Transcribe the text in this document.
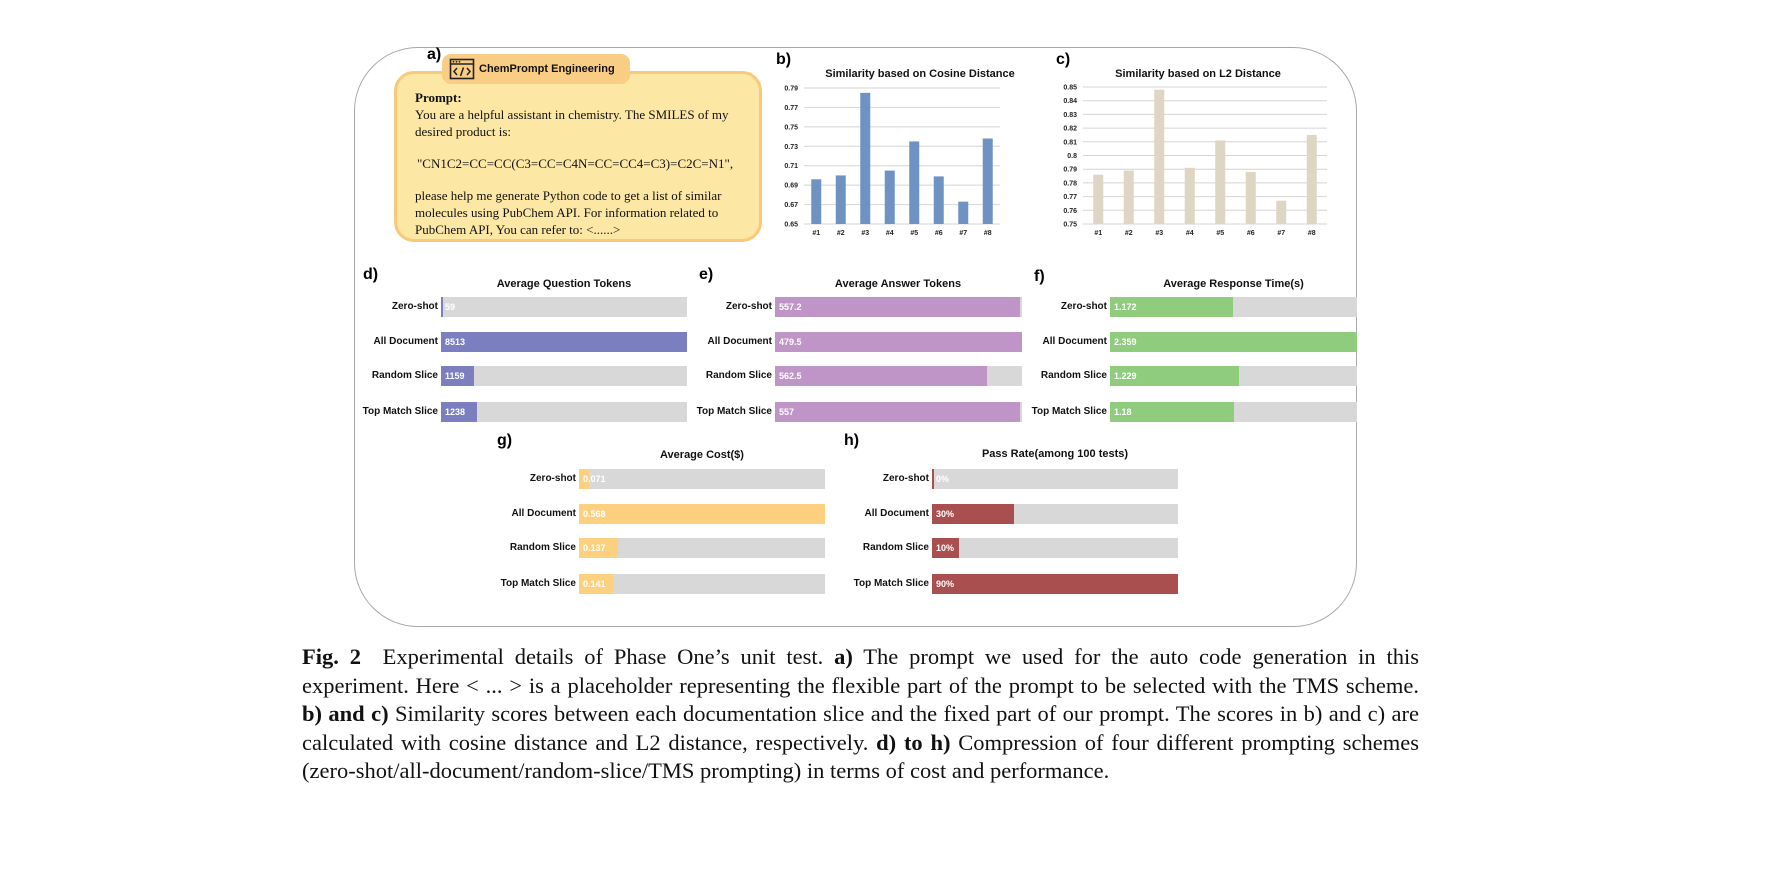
a)	b)	c)
d)	e)	f)
g)	h)
Prompt:
You are a helpful assistant in chemistry. The SMILES of my
desired product is:
"CN1C2=CC=CC(C3=CC=C4N=CC=CC4=C3)=C2C=N1",
please help me generate Python code to get a list of similar
molecules using PubChem API. For information related to
PubChem API, You can refer to: <......>
ChemPrompt Engineering	Similarity based on Cosine Distance
0.79
0.77
0.75
0.73
0.71
0.69
0.67
0.65
#1 #2 #3 #4 #5 #6 #7 #8
Similarity based on L2 Distance
0.85
0.84
0.83
0.82
0.81
0.8
0.79
0.78
0.77
0.76
0.75
#1	#2	#3	#4	#5	#6	#7	#8
Average Question Tokens
Zero-shot 59
All Document 8513
Random Slice 1159
Top Match Slice 1238
Average Answer Tokens
Zero-shot 557.2
All Document 479.5
Random Slice 562.5
Top Match Slice 557
Average Response Time(s)
Zero-shot 1.172
All Document 2.359
Random Slice 1.229
Top Match Slice 1.18
Average Cost($)
Zero-shot 0.071
All Document 0.568
Random Slice 0.137
Top Match Slice 0.141
Pass Rate(among 100 tests)
Zero-shot 0%
All Document 30%
Random Slice 10%
Top Match Slice 90%
Fig. 2 Experimental details of Phase One’s unit test. a) The prompt we used for the auto code generation in this experiment. Here < ... > is a placeholder representing the flexible part of the prompt to be selected with the TMS scheme. b) and c) Similarity scores between each documentation slice and the fixed part of our prompt. The scores in b) and c) are calculated with cosine distance and L2 distance, respectively. d) to h) Compression of four different prompting schemes (zero-shot/all-document/random-slice/TMS prompting) in terms of cost and performance.
